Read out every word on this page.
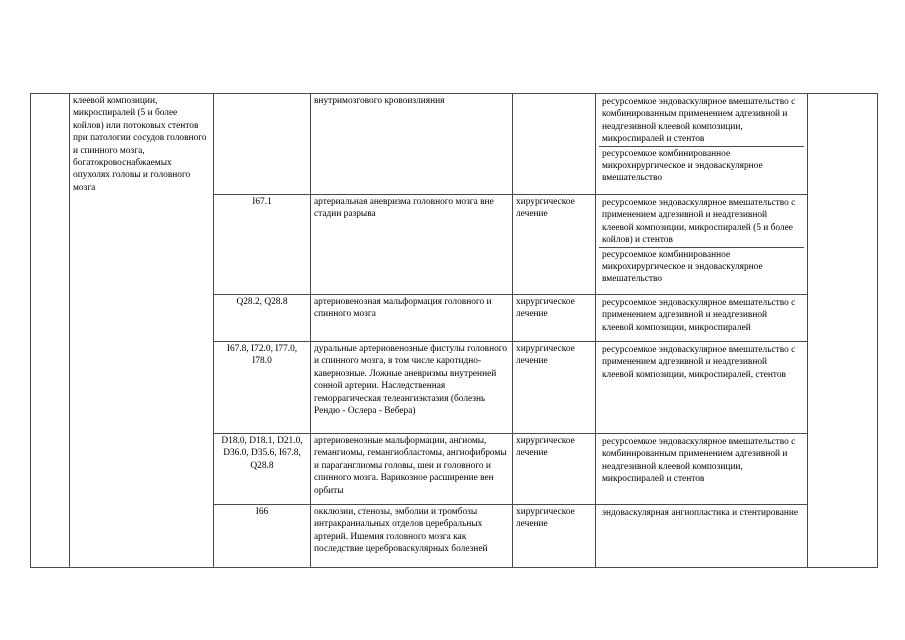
	клеевой композиции, микроспиралей (5 и более койлов) или потоковых стентов при патологии сосудов головного и спинного мозга, богатокровоснабжаемых опухолях головы и головного мозга		внутримозгового кровоизлияния		ресурсоемкое эндоваскулярное вмешательство с комбинированным применением адгезивной и неадгезивной клеевой композиции, микроспиралей и стентов
ресурсоемкое комбинированное микрохирургическое и эндоваскулярное вмешательство	

		I67.1	артериальная аневризма головного мозга вне стадии разрыва	хирургическое лечение	ресурсоемкое эндоваскулярное вмешательство с применением адгезивной и неадгезивной клеевой композиции, микроспиралей (5 и более койлов) и стентов
ресурсоемкое комбинированное микрохирургическое и эндоваскулярное вмешательство	

		Q28.2, Q28.8	артериовенозная мальформация головного и спинного мозга	хирургическое лечение	ресурсоемкое эндоваскулярное вмешательство с применением адгезивной и неадгезивной клеевой композиции, микроспиралей	

		I67.8, I72.0, I77.0, I78.0	дуральные артериовенозные фистулы головного и спинного мозга, в том числе каротидно-кавернозные. Ложные аневризмы внутренней сонной артерии. Наследственная геморрагическая телеангиэктазия (болезнь Рендю - Ослера - Вебера)	хирургическое лечение	ресурсоемкое эндоваскулярное вмешательство с применением адгезивной и неадгезивной клеевой композиции, микроспиралей, стентов	

		D18.0, D18.1, D21.0, D36.0, D35.6, I67.8, Q28.8	артериовенозные мальформации, ангиомы, гемангиомы, гемангиобластомы, ангиофибромы и параганглиомы головы, шеи и головного и спинного мозга. Варикозное расширение вен орбиты	хирургическое лечение	ресурсоемкое эндоваскулярное вмешательство с комбинированным применением адгезивной и неадгезивной клеевой композиции, микроспиралей и стентов	

		I66	окклюзии, стенозы, эмболии и тромбозы интракраниальных отделов церебральных артерий. Ишемия головного мозга как последствие цереброваскулярных болезней	хирургическое лечение	эндоваскулярная ангиопластика и стентирование	
